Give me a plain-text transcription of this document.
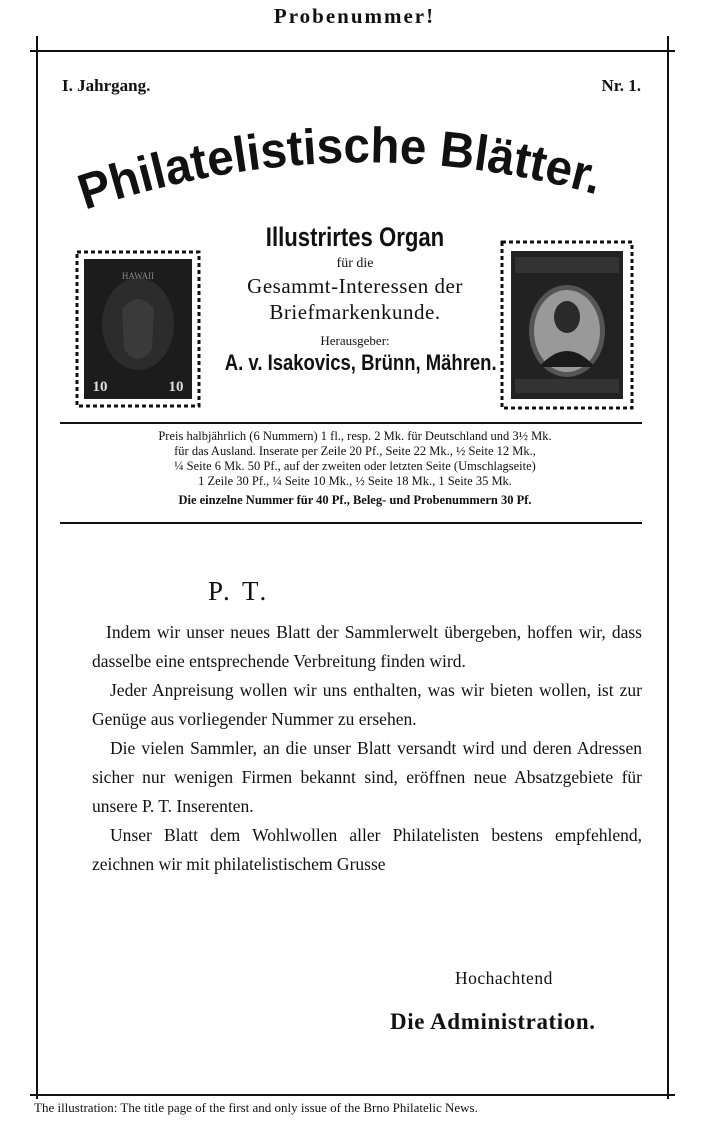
Probenummer!
I. Jahrgang.	Nr. 1.
Philatelistische Blätter.
Illustrirtes Organ
für die
Gesammt-Interessen der
Briefmarkenkunde.
Herausgeber:
A. v. Isakovics, Brünn, Mähren.
HAWAII
10	10
Preis halbjährlich (6 Nummern) 1 fl., resp. 2 Mk. für Deutschland und 3½ Mk.
für das Ausland. Inserate per Zeile 20 Pf., Seite 22 Mk., ½ Seite 12 Mk.,
¼ Seite 6 Mk. 50 Pf., auf der zweiten oder letzten Seite (Umschlagseite)
1 Zeile 30 Pf., ¼ Seite 10 Mk., ½ Seite 18 Mk., 1 Seite 35 Mk.
Die einzelne Nummer für 40 Pf., Beleg- und Probenummern 30 Pf.
P. T.

Indem wir unser neues Blatt der Sammlerwelt übergeben, hoffen wir, dass dasselbe eine entsprechende Verbreitung finden wird.

Jeder Anpreisung wollen wir uns enthalten, was wir bieten wollen, ist zur Genüge aus vorliegender Nummer zu ersehen.

Die vielen Sammler, an die unser Blatt versandt wird und deren Adressen sicher nur wenigen Firmen bekannt sind, eröffnen neue Absatzgebiete für unsere P. T. Inserenten.

Unser Blatt dem Wohlwollen aller Philatelisten bestens empfehlend, zeichnen wir mit philatelistischem Grusse

Hochachtend
Die Administration.
The illustration: The title page of the first and only issue of the Brno Philatelic News.
